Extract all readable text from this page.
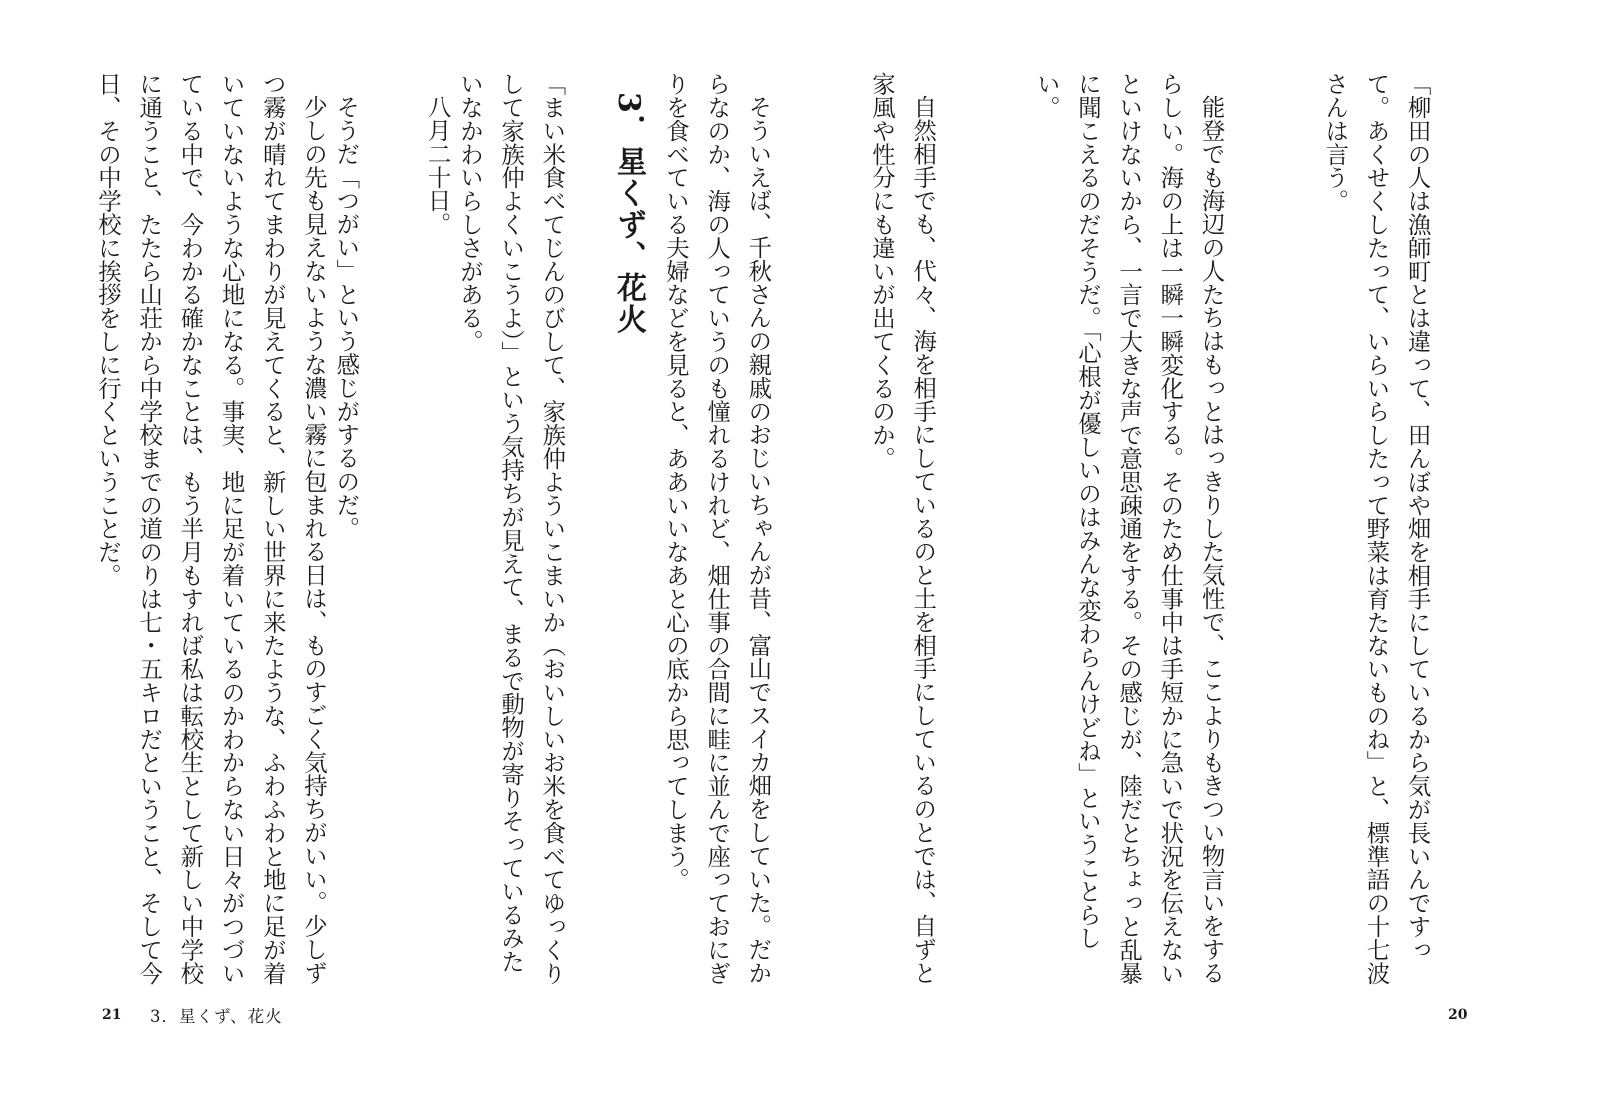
「柳田の人は漁師町とは違って、田んぼや畑を相手にしているから気が長いんですって。あくせくしたって、いらいらしたって野菜は育たないものね」と、標準語の十七波さんは言う。

能登でも海辺の人たちはもっとはっきりした気性で、ここよりもきつい物言いをするらしい。海の上は一瞬一瞬変化する。そのため仕事中は手短かに急いで状況を伝えないといけないから、一言で大きな声で意思疎通をする。その感じが、陸だとちょっと乱暴に聞こえるのだそうだ。「心根が優しいのはみんな変わらんけどね」ということらしい。

自然相手でも、代々、海を相手にしているのと土を相手にしているのとでは、自ずと家風や性分にも違いが出てくるのか。

そういえば、千秋さんの親戚のおじいちゃんが昔、富山でスイカ畑をしていた。だからなのか、海の人っていうのも憧れるけれど、畑仕事の合間に畦に並んで座っておにぎりを食べている夫婦などを見ると、ああいいなあと心の底から思ってしまう。

「まい米食べてじんのびして、家族仲よういこまいか（おいしいお米を食べてゆっくりして家族仲よくいこうよ）」という気持ちが見えて、まるで動物が寄りそっているみたいなかわいらしさがある。

そうだ「つがい」という感じがするのだ。

20
3．星くず、花火

八月二十日。

少しの先も見えないような濃い霧に包まれる日は、ものすごく気持ちがいい。少しずつ霧が晴れてまわりが見えてくると、新しい世界に来たような、ふわふわと地に足が着いていないような心地になる。事実、地に足が着いているのかわからない日々がつづいている中で、今わかる確かなことは、もう半月もすれば私は転校生として新しい中学校に通うこと、たたら山荘から中学校までの道のりは七・五キロだということ、そして今日、その中学校に挨拶をしに行くということだ。

21 3．星くず、花火
